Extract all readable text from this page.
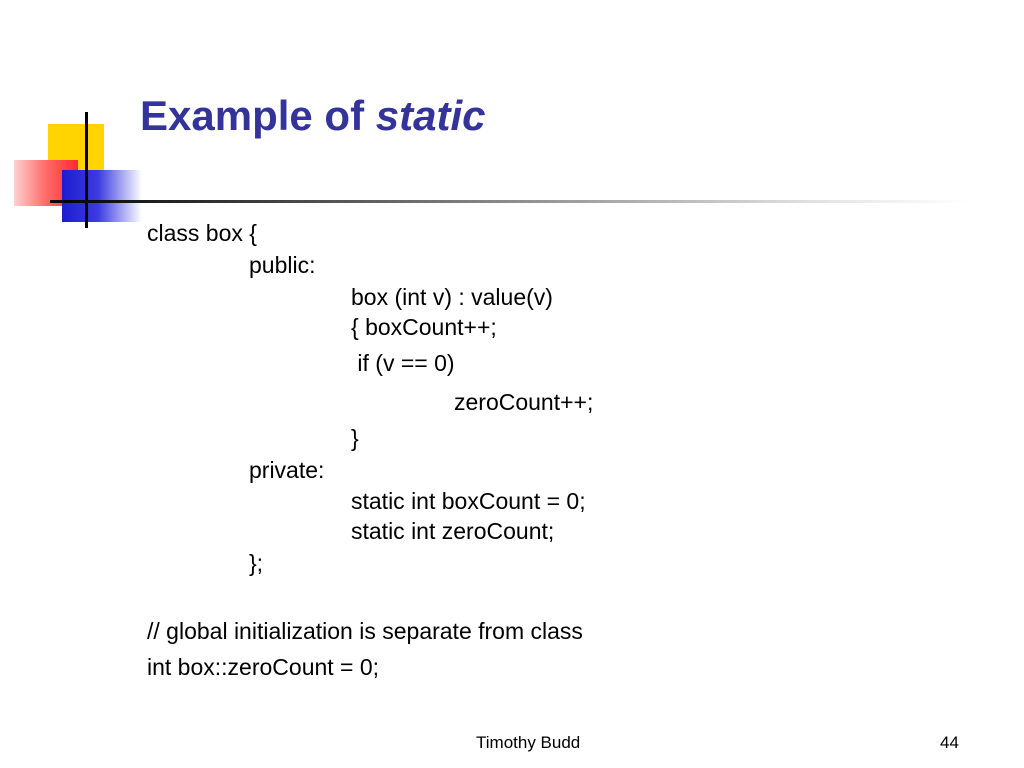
Example of static
class box {
public:
box (int v) : value(v)
{ boxCount++;
if (v == 0)
zeroCount++;
}
private:
static int boxCount = 0;
static int zeroCount;
};
// global initialization is separate from class
int box::zeroCount = 0;
Timothy Budd	44
